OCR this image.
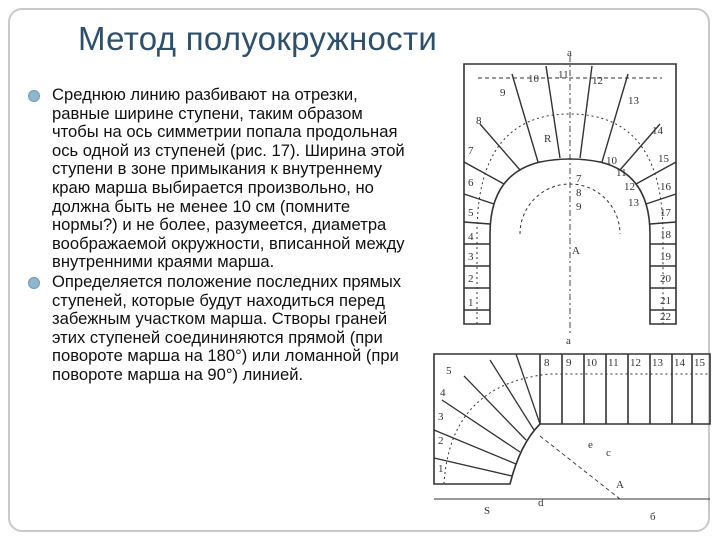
Метод полуокружности
Среднюю линию разбивают на отрезки, равные ширине ступени, таким образом чтобы на ось симметрии попала продольная ось одной из ступеней (рис. 17). Ширина этой ступени в зоне примыкания к внутреннему краю марша выбирается произвольно, но должна быть не менее 10 см (помните нормы?) и не более, разумеется, диаметра воображаемой окружности, вписанной между внутренними краями марша.
Определяется положение последних прямых ступеней, которые будут находиться перед забежным участком марша. Створы граней этих ступеней соедининяются прямой (при повороте марша на 180°) или ломанной (при повороте марша на 90°) линией.
а
A
R
а
e
c
A
d
S	б
10
9
8
7
6
5
4
3
2
1
11 12
13
14
15
16
17
18
19
20
21
22
7
8
9
10
11
12
13
8 9 10 11 12 13 14 15
5
4
3
2
1
